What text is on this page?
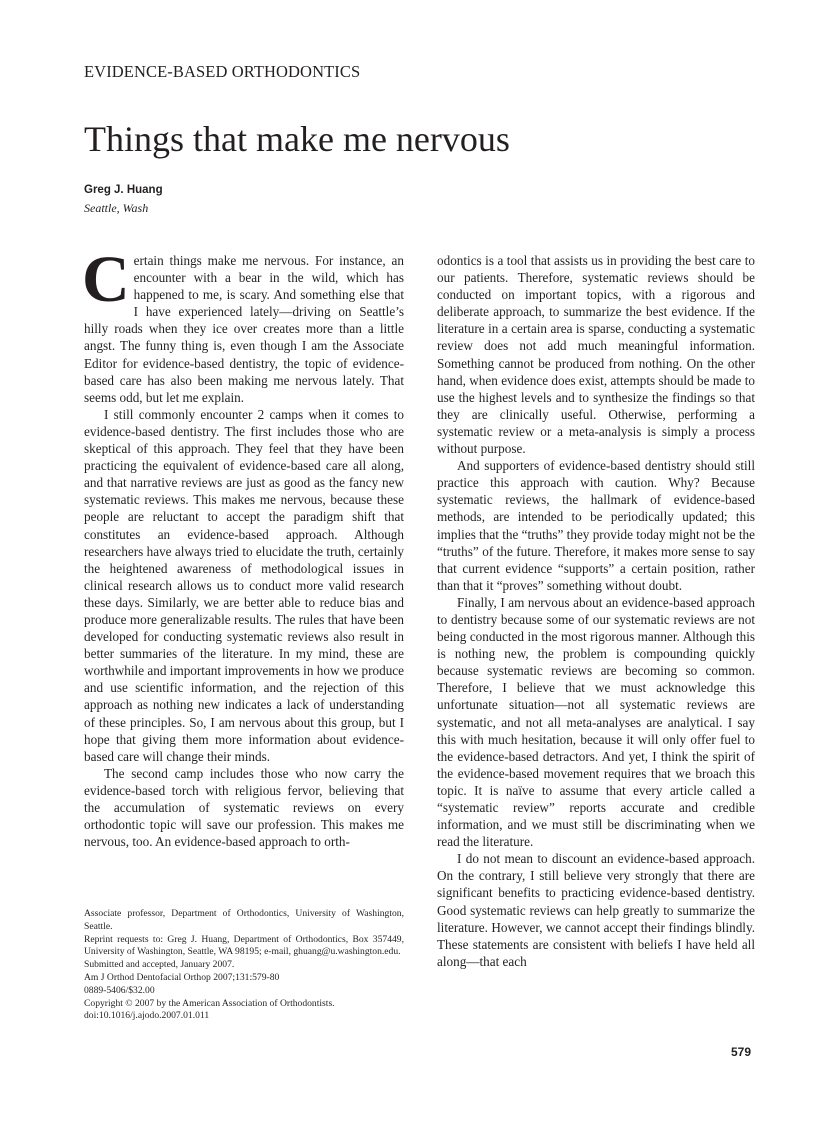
EVIDENCE-BASED ORTHODONTICS
Things that make me nervous
Greg J. Huang
Seattle, Wash

Certain things make me nervous. For instance, an encounter with a bear in the wild, which has happened to me, is scary. And something else that I have experienced lately—driving on Seattle’s hilly roads when they ice over creates more than a little angst. The funny thing is, even though I am the Associate Editor for evidence-based dentistry, the topic of evidence-based care has also been making me nervous lately. That seems odd, but let me explain.

I still commonly encounter 2 camps when it comes to evidence-based dentistry. The first includes those who are skeptical of this approach. They feel that they have been practicing the equivalent of evidence-based care all along, and that narrative reviews are just as good as the fancy new systematic reviews. This makes me nervous, because these people are reluctant to accept the paradigm shift that constitutes an evidence-based approach. Although researchers have always tried to elucidate the truth, certainly the heightened awareness of methodological issues in clinical research allows us to conduct more valid research these days. Similarly, we are better able to reduce bias and produce more generalizable results. The rules that have been developed for conducting systematic reviews also result in better summaries of the literature. In my mind, these are worthwhile and important improvements in how we produce and use scientific information, and the rejection of this approach as nothing new indicates a lack of understanding of these principles. So, I am nervous about this group, but I hope that giving them more information about evidence-based care will change their minds.

The second camp includes those who now carry the evidence-based torch with religious fervor, believing that the accumulation of systematic reviews on every orthodontic topic will save our profession. This makes me nervous, too. An evidence-based approach to orth-

odontics is a tool that assists us in providing the best care to our patients. Therefore, systematic reviews should be conducted on important topics, with a rigorous and deliberate approach, to summarize the best evidence. If the literature in a certain area is sparse, conducting a systematic review does not add much meaningful information. Something cannot be produced from nothing. On the other hand, when evidence does exist, attempts should be made to use the highest levels and to synthesize the findings so that they are clinically useful. Otherwise, performing a systematic review or a meta-analysis is simply a process without purpose.

And supporters of evidence-based dentistry should still practice this approach with caution. Why? Because systematic reviews, the hallmark of evidence-based methods, are intended to be periodically updated; this implies that the “truths” they provide today might not be the “truths” of the future. Therefore, it makes more sense to say that current evidence “supports” a certain position, rather than that it “proves” something without doubt.

Finally, I am nervous about an evidence-based approach to dentistry because some of our systematic reviews are not being conducted in the most rigorous manner. Although this is nothing new, the problem is compounding quickly because systematic reviews are becoming so common. Therefore, I believe that we must acknowledge this unfortunate situation—not all systematic reviews are systematic, and not all meta-analyses are analytical. I say this with much hesitation, because it will only offer fuel to the evidence-based detractors. And yet, I think the spirit of the evidence-based movement requires that we broach this topic. It is naïve to assume that every article called a “systematic review” reports accurate and credible information, and we must still be discriminating when we read the literature.

I do not mean to discount an evidence-based approach. On the contrary, I still believe very strongly that there are significant benefits to practicing evidence-based dentistry. Good systematic reviews can help greatly to summarize the literature. However, we cannot accept their findings blindly. These statements are consistent with beliefs I have held all along—that each

Associate professor, Department of Orthodontics, University of Washington, Seattle.
Reprint requests to: Greg J. Huang, Department of Orthodontics, Box 357449, University of Washington, Seattle, WA 98195; e-mail, ghuang@u.washington.edu.
Submitted and accepted, January 2007.
Am J Orthod Dentofacial Orthop 2007;131:579-80
0889-5406/$32.00
Copyright © 2007 by the American Association of Orthodontists.
doi:10.1016/j.ajodo.2007.01.011
579
